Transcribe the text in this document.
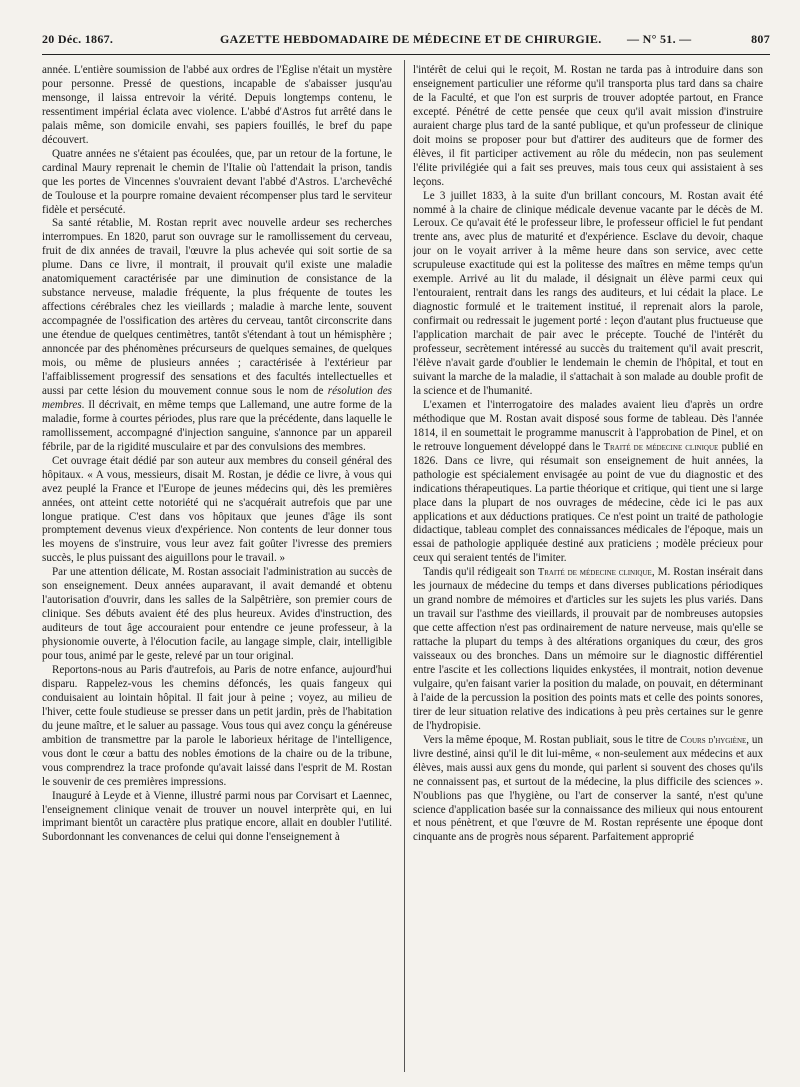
20 Déc. 1867.	GAZETTE HEBDOMADAIRE DE MÉDECINE ET DE CHIRURGIE. — N° 51. —	807

année. L'entière soumission de l'abbé aux ordres de l'Église n'était un mystère pour personne. Pressé de questions, incapable de s'abaisser jusqu'au mensonge, il laissa entrevoir la vérité. Depuis longtemps contenu, le ressentiment impérial éclata avec violence. L'abbé d'Astros fut arrêté dans le palais même, son domicile envahi, ses papiers fouillés, le bref du pape découvert.

Quatre années ne s'étaient pas écoulées, que, par un retour de la fortune, le cardinal Maury reprenait le chemin de l'Italie où l'attendait la prison, tandis que les portes de Vincennes s'ouvraient devant l'abbé d'Astros. L'archevêché de Toulouse et la pourpre romaine devaient récompenser plus tard le serviteur fidèle et persécuté.

Sa santé rétablie, M. Rostan reprit avec nouvelle ardeur ses recherches interrompues. En 1820, parut son ouvrage sur le ramollissement du cerveau, fruit de dix années de travail, l'œuvre la plus achevée qui soit sortie de sa plume. Dans ce livre, il montrait, il prouvait qu'il existe une maladie anatomiquement caractérisée par une diminution de consistance de la substance nerveuse, maladie fréquente, la plus fréquente de toutes les affections cérébrales chez les vieillards ; maladie à marche lente, souvent accompagnée de l'ossification des artères du cerveau, tantôt circonscrite dans une étendue de quelques centimètres, tantôt s'étendant à tout un hémisphère ; annoncée par des phénomènes précurseurs de quelques semaines, de quelques mois, ou même de plusieurs années ; caractérisée à l'extérieur par l'affaiblissement progressif des sensations et des facultés intellectuelles et aussi par cette lésion du mouvement connue sous le nom de résolution des membres. Il décrivait, en même temps que Lallemand, une autre forme de la maladie, forme à courtes périodes, plus rare que la précédente, dans laquelle le ramollissement, accompagné d'injection sanguine, s'annonce par un appareil fébrile, par de la rigidité musculaire et par des convulsions des membres.

Cet ouvrage était dédié par son auteur aux membres du conseil général des hôpitaux. « A vous, messieurs, disait M. Rostan, je dédie ce livre, à vous qui avez peuplé la France et l'Europe de jeunes médecins qui, dès les premières années, ont atteint cette notoriété qui ne s'acquérait autrefois que par une longue pratique. C'est dans vos hôpitaux que jeunes d'âge ils sont promptement devenus vieux d'expérience. Non contents de leur donner tous les moyens de s'instruire, vous leur avez fait goûter l'ivresse des premiers succès, le plus puissant des aiguillons pour le travail. »

Par une attention délicate, M. Rostan associait l'administration au succès de son enseignement. Deux années auparavant, il avait demandé et obtenu l'autorisation d'ouvrir, dans les salles de la Salpêtrière, son premier cours de clinique. Ses débuts avaient été des plus heureux. Avides d'instruction, des auditeurs de tout âge accouraient pour entendre ce jeune professeur, à la physionomie ouverte, à l'élocution facile, au langage simple, clair, intelligible pour tous, animé par le geste, relevé par un tour original.

Reportons-nous au Paris d'autrefois, au Paris de notre enfance, aujourd'hui disparu. Rappelez-vous les chemins défoncés, les quais fangeux qui conduisaient au lointain hôpital. Il fait jour à peine ; voyez, au milieu de l'hiver, cette foule studieuse se presser dans un petit jardin, près de l'habitation du jeune maître, et le saluer au passage. Vous tous qui avez conçu la généreuse ambition de transmettre par la parole le laborieux héritage de l'intelligence, vous dont le cœur a battu des nobles émotions de la chaire ou de la tribune, vous comprendrez la trace profonde qu'avait laissé dans l'esprit de M. Rostan le souvenir de ces premières impressions.

Inauguré à Leyde et à Vienne, illustré parmi nous par Corvisart et Laennec, l'enseignement clinique venait de trouver un nouvel interprète qui, en lui imprimant bientôt un caractère plus pratique encore, allait en doubler l'utilité. Subordonnant les convenances de celui qui donne l'enseignement à

l'intérêt de celui qui le reçoit, M. Rostan ne tarda pas à introduire dans son enseignement particulier une réforme qu'il transporta plus tard dans sa chaire de la Faculté, et que l'on est surpris de trouver adoptée partout, en France excepté. Pénétré de cette pensée que ceux qu'il avait mission d'instruire auraient charge plus tard de la santé publique, et qu'un professeur de clinique doit moins se proposer pour but d'attirer des auditeurs que de former des élèves, il fit participer activement au rôle du médecin, non pas seulement l'élite privilégiée qui a fait ses preuves, mais tous ceux qui assistaient à ses leçons.

Le 3 juillet 1833, à la suite d'un brillant concours, M. Rostan avait été nommé à la chaire de clinique médicale devenue vacante par le décès de M. Leroux. Ce qu'avait été le professeur libre, le professeur officiel le fut pendant trente ans, avec plus de maturité et d'expérience. Esclave du devoir, chaque jour on le voyait arriver à la même heure dans son service, avec cette scrupuleuse exactitude qui est la politesse des maîtres en même temps qu'un exemple. Arrivé au lit du malade, il désignait un élève parmi ceux qui l'entouraient, rentrait dans les rangs des auditeurs, et lui cédait la place. Le diagnostic formulé et le traitement institué, il reprenait alors la parole, confirmait ou redressait le jugement porté : leçon d'autant plus fructueuse que l'application marchait de pair avec le précepte. Touché de l'intérêt du professeur, secrètement intéressé au succès du traitement qu'il avait prescrit, l'élève n'avait garde d'oublier le lendemain le chemin de l'hôpital, et tout en suivant la marche de la maladie, il s'attachait à son malade au double profit de la science et de l'humanité.

L'examen et l'interrogatoire des malades avaient lieu d'après un ordre méthodique que M. Rostan avait disposé sous forme de tableau. Dès l'année 1814, il en soumettait le programme manuscrit à l'approbation de Pinel, et on le retrouve longuement développé dans le Traité de médecine clinique publié en 1826. Dans ce livre, qui résumait son enseignement de huit années, la pathologie est spécialement envisagée au point de vue du diagnostic et des indications thérapeutiques. La partie théorique et critique, qui tient une si large place dans la plupart de nos ouvrages de médecine, cède ici le pas aux applications et aux déductions pratiques. Ce n'est point un traité de pathologie didactique, tableau complet des connaissances médicales de l'époque, mais un essai de pathologie appliquée destiné aux praticiens ; modèle précieux pour ceux qui seraient tentés de l'imiter.

Tandis qu'il rédigeait son Traité de médecine clinique, M. Rostan insérait dans les journaux de médecine du temps et dans diverses publications périodiques un grand nombre de mémoires et d'articles sur les sujets les plus variés. Dans un travail sur l'asthme des vieillards, il prouvait par de nombreuses autopsies que cette affection n'est pas ordinairement de nature nerveuse, mais qu'elle se rattache la plupart du temps à des altérations organiques du cœur, des gros vaisseaux ou des bronches. Dans un mémoire sur le diagnostic différentiel entre l'ascite et les collections liquides enkystées, il montrait, notion devenue vulgaire, qu'en faisant varier la position du malade, on pouvait, en déterminant à l'aide de la percussion la position des points mats et celle des points sonores, tirer de leur situation relative des indications à peu près certaines sur le genre de l'hydropisie.

Vers la même époque, M. Rostan publiait, sous le titre de Cours d'hygiène, un livre destiné, ainsi qu'il le dit lui-même, « non-seulement aux médecins et aux élèves, mais aussi aux gens du monde, qui parlent si souvent des choses qu'ils ne connaissent pas, et surtout de la médecine, la plus difficile des sciences ». N'oublions pas que l'hygiène, ou l'art de conserver la santé, n'est qu'une science d'application basée sur la connaissance des milieux qui nous entourent et nous pénètrent, et que l'œuvre de M. Rostan représente une époque dont cinquante ans de progrès nous séparent. Parfaitement approprié
